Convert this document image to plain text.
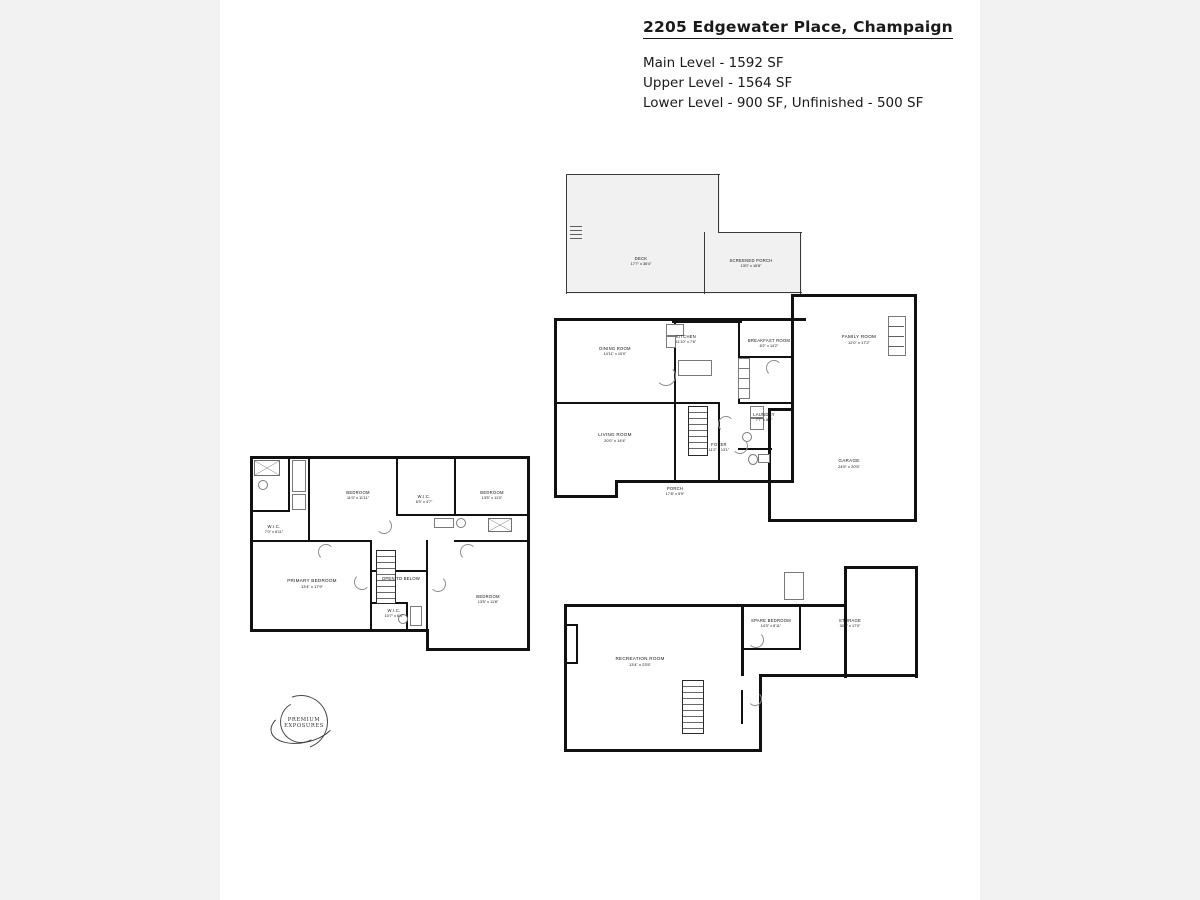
2205 Edgewater Place, Champaign
Main Level - 1592 SF
Upper Level - 1564 SF
Lower Level - 900 SF, Unfinished - 500 SF
DECK
17'7" x 36'4"
SCREENED PORCH
13'0" x 16'8"
DINING ROOM
14'11" x 10'0"
KITCHEN
11'10" x 7'6"	BREAKFAST ROOM
8'2" x 14'2"
FAMILY ROOM
12'0" x 17'2"
LIVING ROOM
20'0" x 14'4"
FOYER
11'2" x 13'1"
LAUNDRY
7'7" x 8'8"
GARAGE
24'5" x 20'5"
PORCH
17'8" x 5'9"
BEDROOM
11'0" x 11'11"
BEDROOM
13'5" x 11'0"
W.I.C.
6'3" x 4'7"
W.I.C.
7'0" x 6'11"
PRIMARY BEDROOM
13'4" x 17'9"
W.I.C.
10'7" x 6'4"
BEDROOM
13'5" x 11'8"
OPEN TO BELOW
RECREATION ROOM
13'4" x 23'5"
SPARE BEDROOM
14'3" x 8'11"
STORAGE
30'3" x 17'0"
PREMIUM EXPOSURES
